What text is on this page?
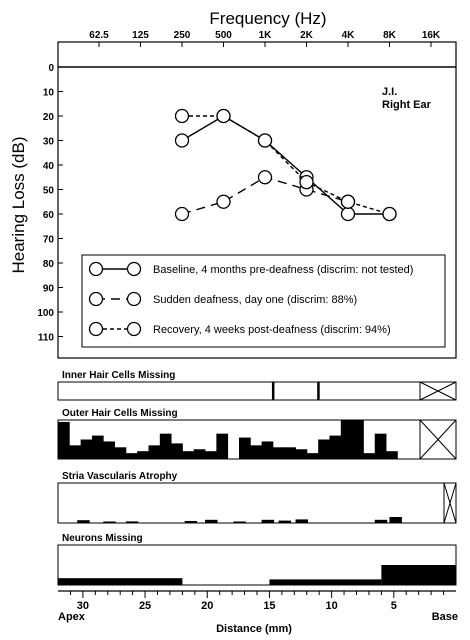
Frequency (Hz)
Hearing Loss (dB)
62.5 125 250 500	1K	2K	4K	8K	16K
0
10
20
30
40
50
60
70
80
90
100
110
J.I.
Right Ear
Baseline, 4 months pre-deafness (discrim: not tested)
Sudden deafness, day one (discrim: 88%)
Recovery, 4 weeks post-deafness (discrim: 94%)
Inner Hair Cells Missing
Outer Hair Cells Missing
Stria Vascularis Atrophy
Neurons Missing
30	25	20	15	10	5
Apex	Base
Distance (mm)
